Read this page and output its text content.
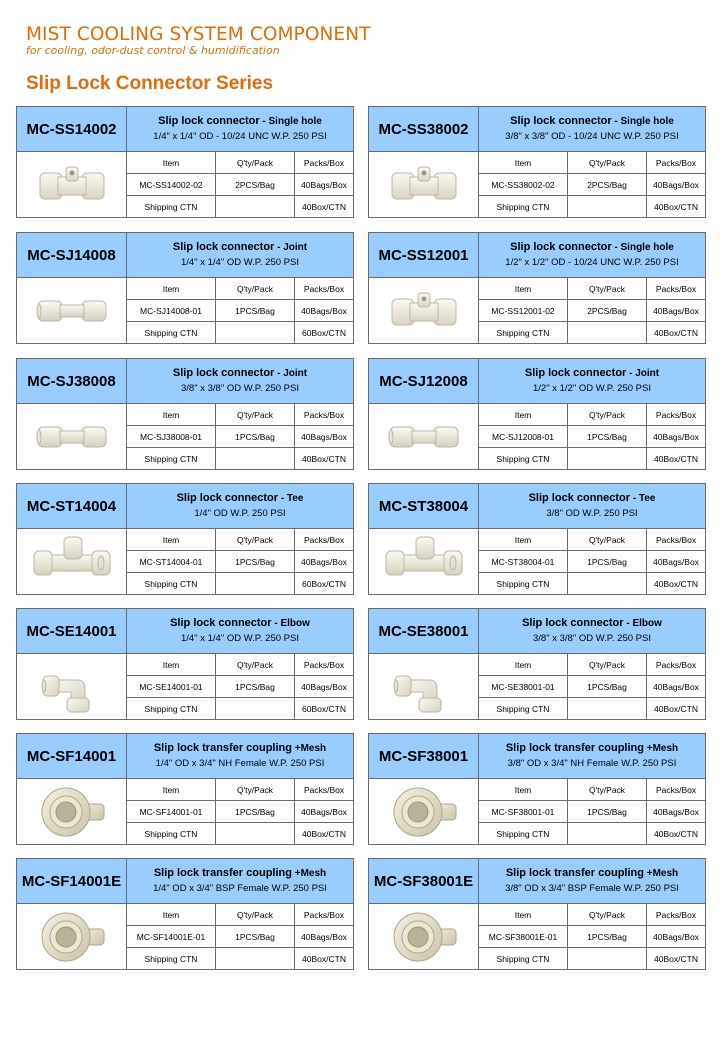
MIST COOLING SYSTEM COMPONENT
for cooling, odor-dust control & humidification
Slip Lock Connector Series
MC-SS14002	Slip lock connector - Single hole
1/4" x 1/4" OD - 10/24 UNC W.P. 250 PSI		

	Item	Q'ty/Pack	Packs/Box
	MC-SS14002-02	2PCS/Bag	40Bags/Box
	Shipping CTN		40Box/CTN
MC-SS38002	Slip lock connector - Single hole
3/8" x 3/8" OD - 10/24 UNC W.P. 250 PSI		

	Item	Q'ty/Pack	Packs/Box
	MC-SS38002-02	2PCS/Bag	40Bags/Box
	Shipping CTN		40Box/CTN
MC-SJ14008	Slip lock connector - Joint
1/4" x 1/4" OD W.P. 250 PSI		

	Item	Q'ty/Pack	Packs/Box
	MC-SJ14008-01	1PCS/Bag	40Bags/Box
	Shipping CTN		60Box/CTN
MC-SS12001	Slip lock connector - Single hole
1/2" x 1/2" OD - 10/24 UNC W.P. 250 PSI		

	Item	Q'ty/Pack	Packs/Box
	MC-SS12001-02	2PCS/Bag	40Bags/Box
	Shipping CTN		40Box/CTN
MC-SJ38008	Slip lock connector - Joint
3/8" x 3/8" OD W.P. 250 PSI		

	Item	Q'ty/Pack	Packs/Box
	MC-SJ38008-01	1PCS/Bag	40Bags/Box
	Shipping CTN		40Box/CTN
MC-SJ12008	Slip lock connector - Joint
1/2" x 1/2" OD W.P. 250 PSI		

	Item	Q'ty/Pack	Packs/Box
	MC-SJ12008-01	1PCS/Bag	40Bags/Box
	Shipping CTN		40Box/CTN
MC-ST14004	Slip lock connector - Tee
1/4" OD W.P. 250 PSI		

	Item	Q'ty/Pack	Packs/Box
	MC-ST14004-01	1PCS/Bag	40Bags/Box
	Shipping CTN		60Box/CTN
MC-ST38004	Slip lock connector - Tee
3/8" OD W.P. 250 PSI		

	Item	Q'ty/Pack	Packs/Box
	MC-ST38004-01	1PCS/Bag	40Bags/Box
	Shipping CTN		40Box/CTN
MC-SE14001	Slip lock connector - Elbow
1/4" x 1/4" OD W.P. 250 PSI		

	Item	Q'ty/Pack	Packs/Box
	MC-SE14001-01	1PCS/Bag	40Bags/Box
	Shipping CTN		60Box/CTN
MC-SE38001	Slip lock connector - Elbow
3/8" x 3/8" OD W.P. 250 PSI		

	Item	Q'ty/Pack	Packs/Box
	MC-SE38001-01	1PCS/Bag	40Bags/Box
	Shipping CTN		40Box/CTN
MC-SF14001	Slip lock transfer coupling +Mesh
1/4" OD x 3/4" NH Female W.P. 250 PSI		

	Item	Q'ty/Pack	Packs/Box
	MC-SF14001-01	1PCS/Bag	40Bags/Box
	Shipping CTN		40Box/CTN
MC-SF38001	Slip lock transfer coupling +Mesh
3/8" OD x 3/4" NH Female W.P. 250 PSI		

	Item	Q'ty/Pack	Packs/Box
	MC-SF38001-01	1PCS/Bag	40Bags/Box
	Shipping CTN		40Box/CTN
MC-SF14001E	Slip lock transfer coupling +Mesh
1/4" OD x 3/4" BSP Female W.P. 250 PSI		

	Item	Q'ty/Pack	Packs/Box
	MC-SF14001E-01	1PCS/Bag	40Bags/Box
	Shipping CTN		40Box/CTN
MC-SF38001E	Slip lock transfer coupling +Mesh
3/8" OD x 3/4" BSP Female W.P. 250 PSI		

	Item	Q'ty/Pack	Packs/Box
	MC-SF38001E-01	1PCS/Bag	40Bags/Box
	Shipping CTN		40Box/CTN
